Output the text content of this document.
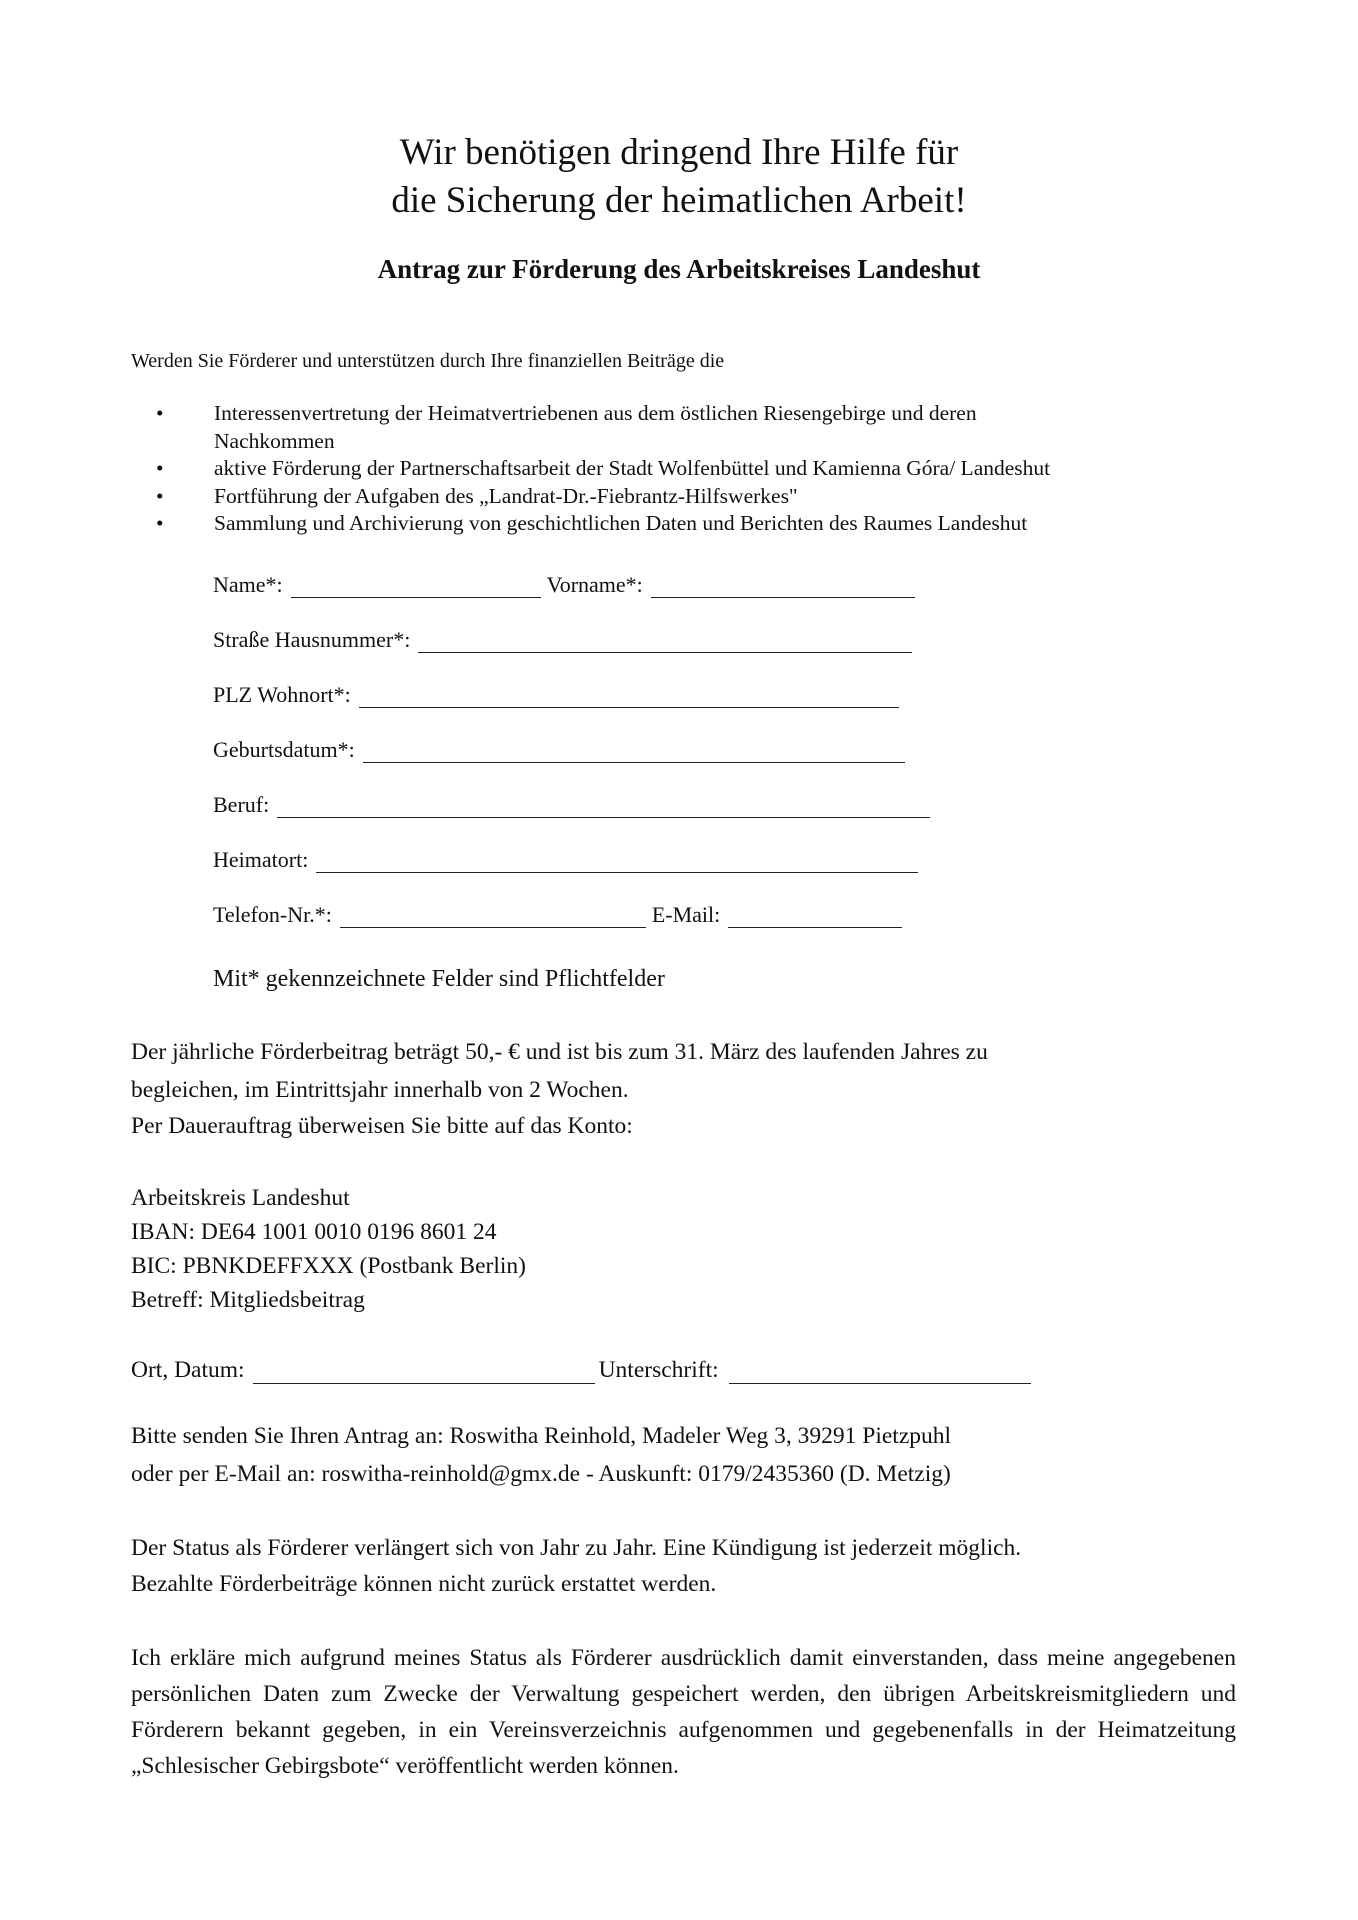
Wir benötigen dringend Ihre Hilfe für
die Sicherung der heimatlichen Arbeit!
Antrag zur Förderung des Arbeitskreises Landeshut
Werden Sie Förderer und unterstützen durch Ihre finanziellen Beiträge die
• Interessenvertretung der Heimatvertriebenen aus dem östlichen Riesengebirge und deren
Nachkommen
• aktive Förderung der Partnerschaftsarbeit der Stadt Wolfenbüttel und Kamienna Góra/ Landeshut
• Fortführung der Aufgaben des „Landrat-Dr.-Fiebrantz-Hilfswerkes"
• Sammlung und Archivierung von geschichtlichen Daten und Berichten des Raumes Landeshut
Name*:	Vorname*:
Straße Hausnummer*:
PLZ Wohnort*:
Geburtsdatum*:
Beruf:
Heimatort:
Telefon-Nr.*:	E-Mail:
Mit* gekennzeichnete Felder sind Pflichtfelder
Der jährliche Förderbeitrag beträgt 50,- € und ist bis zum 31. März des laufenden Jahres zu
begleichen, im Eintrittsjahr innerhalb von 2 Wochen.
Per Dauerauftrag überweisen Sie bitte auf das Konto:
Arbeitskreis Landeshut
IBAN: DE64 1001 0010 0196 8601 24
BIC: PBNKDEFFXXX (Postbank Berlin)
Betreff: Mitgliedsbeitrag
Ort, Datum:	Unterschrift:
Bitte senden Sie Ihren Antrag an: Roswitha Reinhold, Madeler Weg 3, 39291 Pietzpuhl
oder per E-Mail an: roswitha-reinhold@gmx.de - Auskunft: 0179/2435360 (D. Metzig)
Der Status als Förderer verlängert sich von Jahr zu Jahr. Eine Kündigung ist jederzeit möglich.
Bezahlte Förderbeiträge können nicht zurück erstattet werden.
Ich erkläre mich aufgrund meines Status als Förderer ausdrücklich damit einverstanden, dass meine angegebenen persönlichen Daten zum Zwecke der Verwaltung gespeichert werden, den übrigen Arbeitskreismitgliedern und Förderern bekannt gegeben, in ein Vereinsverzeichnis aufgenommen und gegebenenfalls in der Heimatzeitung „Schlesischer Gebirgsbote“ veröffentlicht werden können.
